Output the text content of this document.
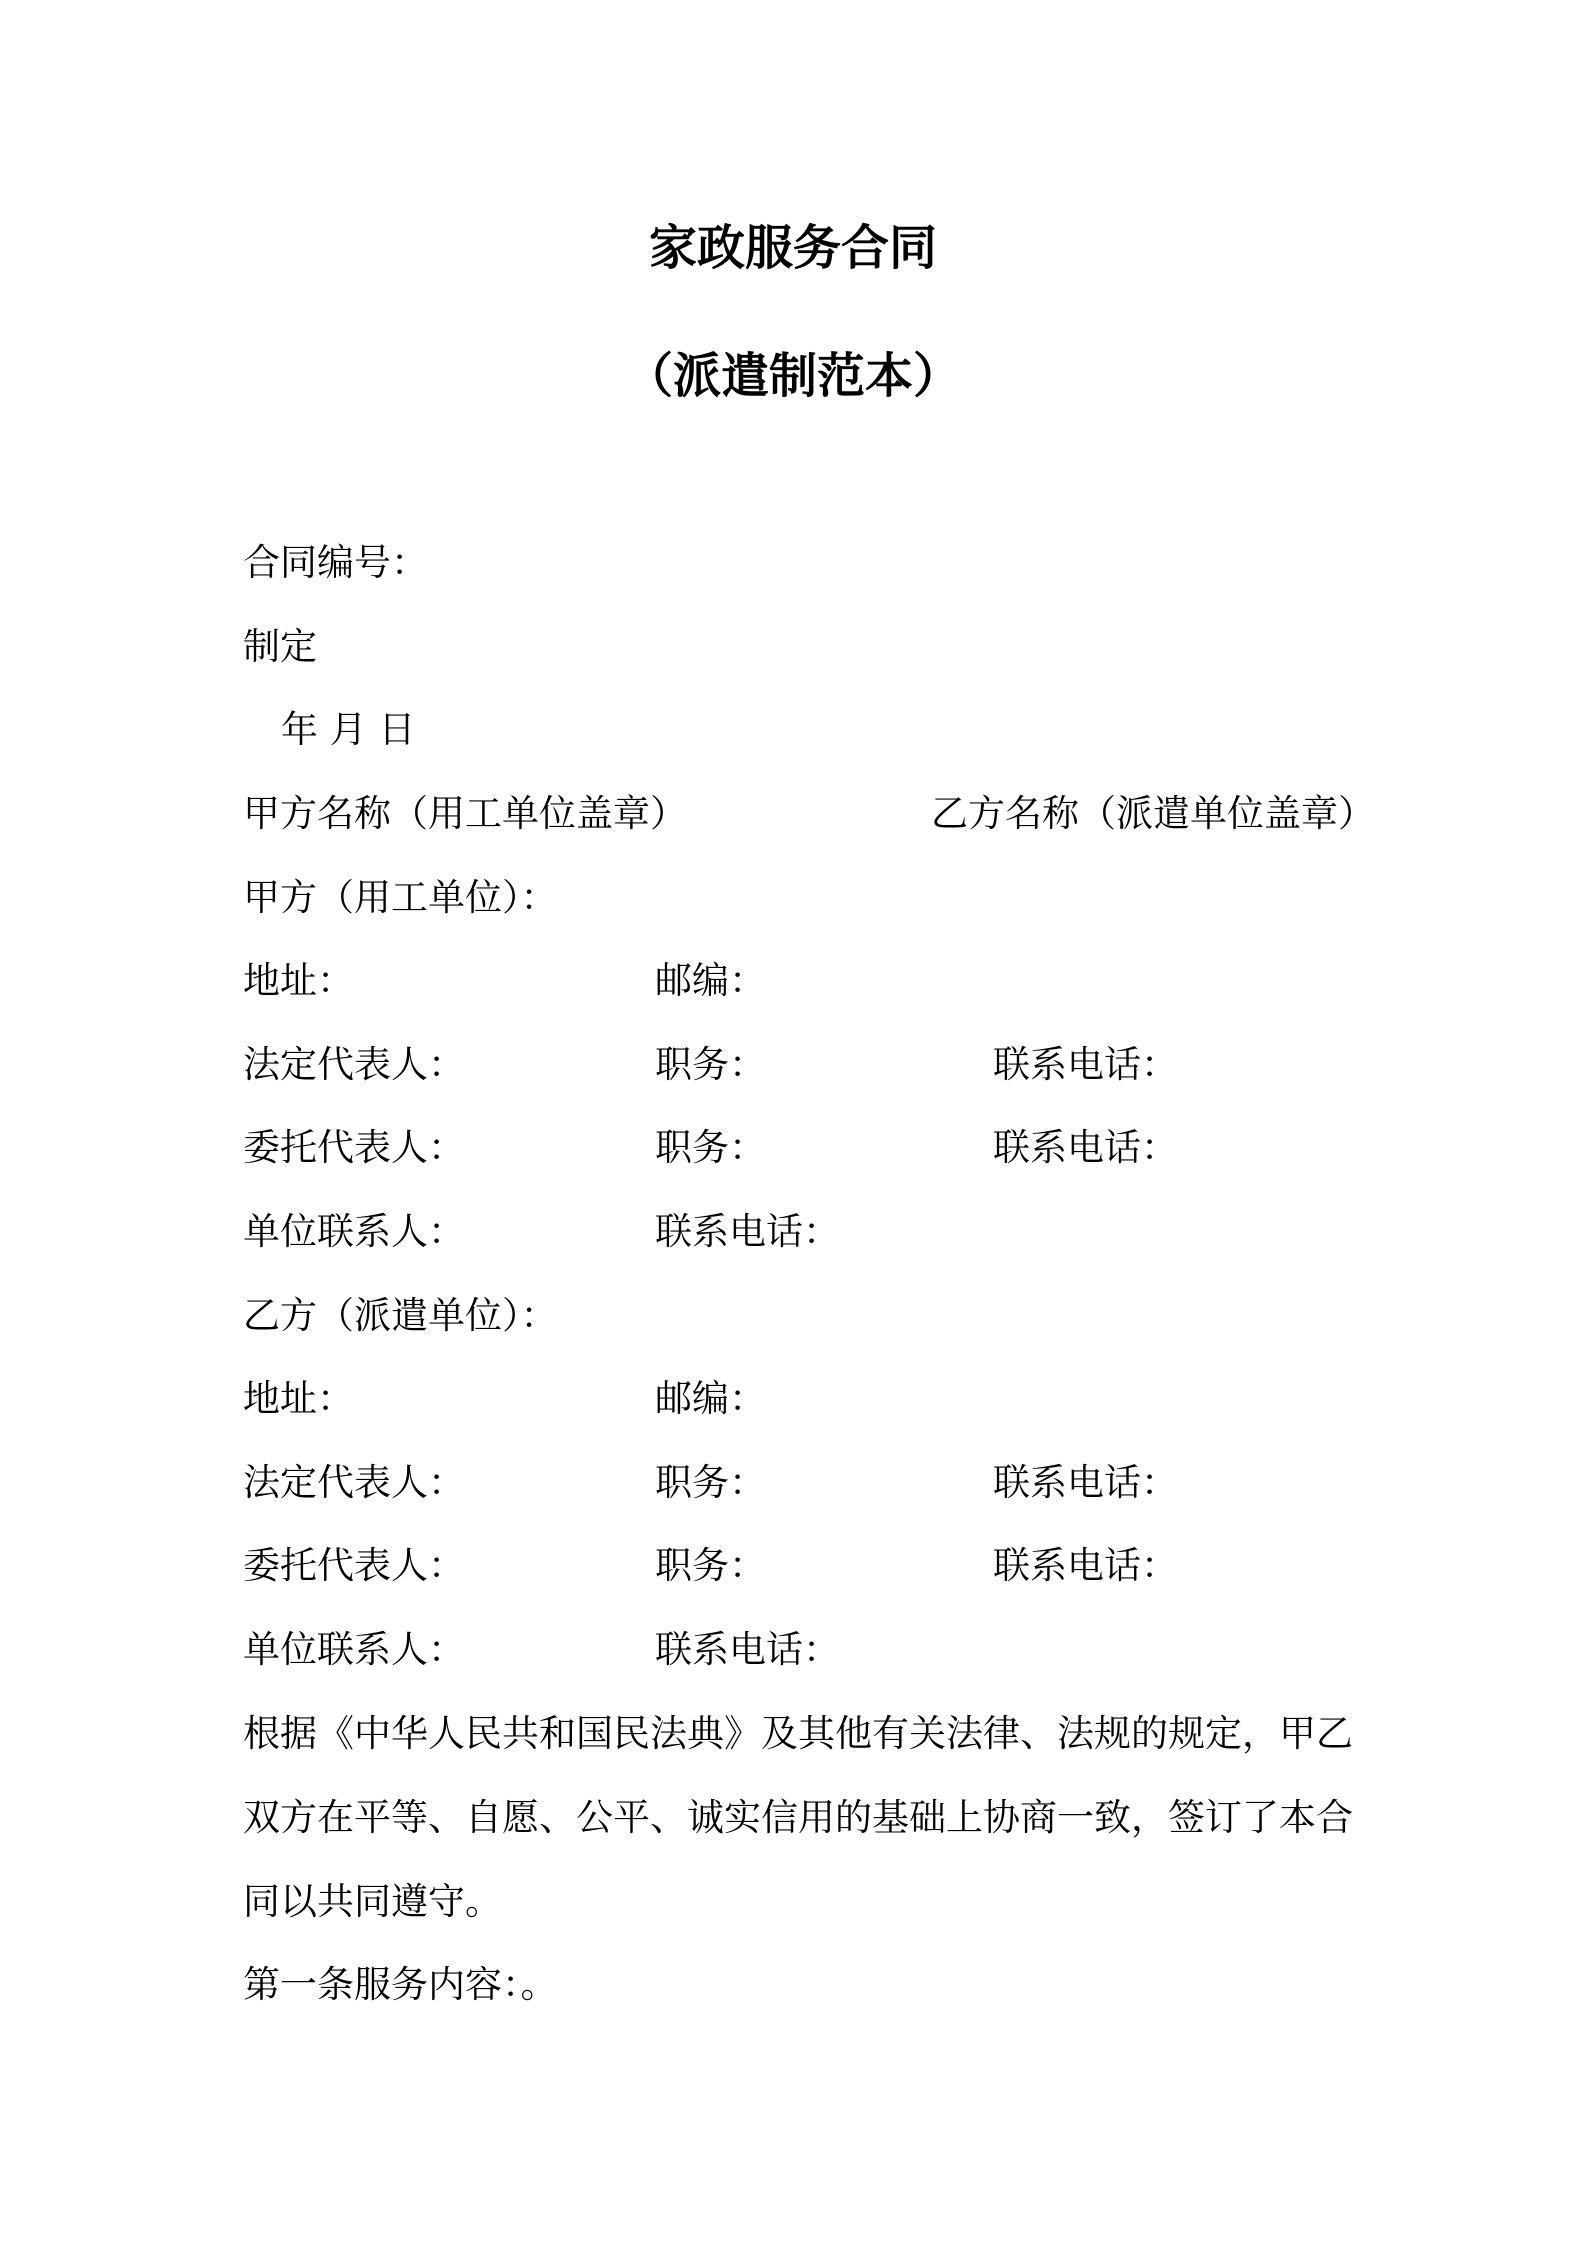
家政服务合同
（派遣制范本）
合同编号：
制定
年 月 日
甲方名称（用工单位盖章）	乙方名称（派遣单位盖章）
甲方（用工单位）：
地址：	邮编：
法定代表人：	职务：	联系电话：
委托代表人：	职务：	联系电话：
单位联系人：	联系电话：
乙方（派遣单位）：
地址：	邮编：
法定代表人：	职务：	联系电话：
委托代表人：	职务：	联系电话：
单位联系人：	联系电话：
根据《中华人民共和国民法典》及其他有关法律、法规的规定，甲乙
双方在平等、自愿、公平、诚实信用的基础上协商一致，签订了本合
同以共同遵守。
第一条服务内容：。
